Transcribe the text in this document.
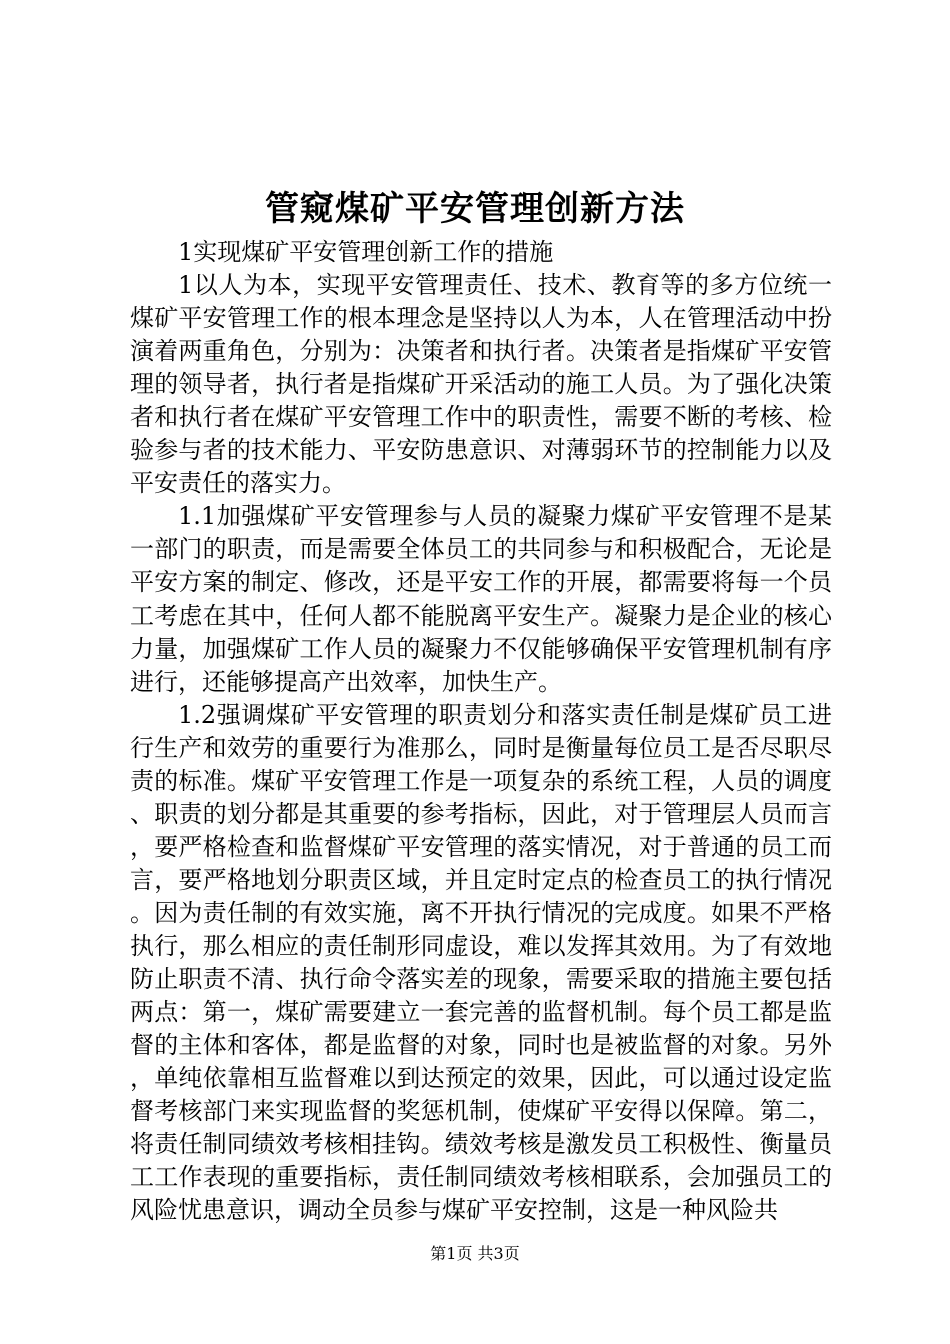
管窥煤矿平安管理创新方法

1实现煤矿平安管理创新工作的措施

1以人为本，实现平安管理责任、技术、教育等的多方位统一煤矿平安管理工作的根本理念是坚持以人为本，人在管理活动中扮演着两重角色，分别为：决策者和执行者。决策者是指煤矿平安管理的领导者，执行者是指煤矿开采活动的施工人员。为了强化决策者和执行者在煤矿平安管理工作中的职责性，需要不断的考核、检验参与者的技术能力、平安防患意识、对薄弱环节的控制能力以及平安责任的落实力。

1.1加强煤矿平安管理参与人员的凝聚力煤矿平安管理不是某一部门的职责，而是需要全体员工的共同参与和积极配合，无论是平安方案的制定、修改，还是平安工作的开展，都需要将每一个员工考虑在其中，任何人都不能脱离平安生产。凝聚力是企业的核心力量，加强煤矿工作人员的凝聚力不仅能够确保平安管理机制有序进行，还能够提高产出效率，加快生产。

1.2强调煤矿平安管理的职责划分和落实责任制是煤矿员工进行生产和效劳的重要行为准那么，同时是衡量每位员工是否尽职尽责的标准。煤矿平安管理工作是一项复杂的系统工程，人员的调度、职责的划分都是其重要的参考指标，因此，对于管理层人员而言，要严格检查和监督煤矿平安管理的落实情况，对于普通的员工而言，要严格地划分职责区域，并且定时定点的检查员工的执行情况。因为责任制的有效实施，离不开执行情况的完成度。如果不严格执行，那么相应的责任制形同虚设，难以发挥其效用。为了有效地防止职责不清、执行命令落实差的现象，需要采取的措施主要包括两点：第一，煤矿需要建立一套完善的监督机制。每个员工都是监督的主体和客体，都是监督的对象，同时也是被监督的对象。另外，单纯依靠相互监督难以到达预定的效果，因此，可以通过设定监督考核部门来实现监督的奖惩机制，使煤矿平安得以保障。第二，将责任制同绩效考核相挂钩。绩效考核是激发员工积极性、衡量员工工作表现的重要指标，责任制同绩效考核相联系，会加强员工的风险忧患意识，调动全员参与煤矿平安控制，这是一种风险共

第1页 共3页
